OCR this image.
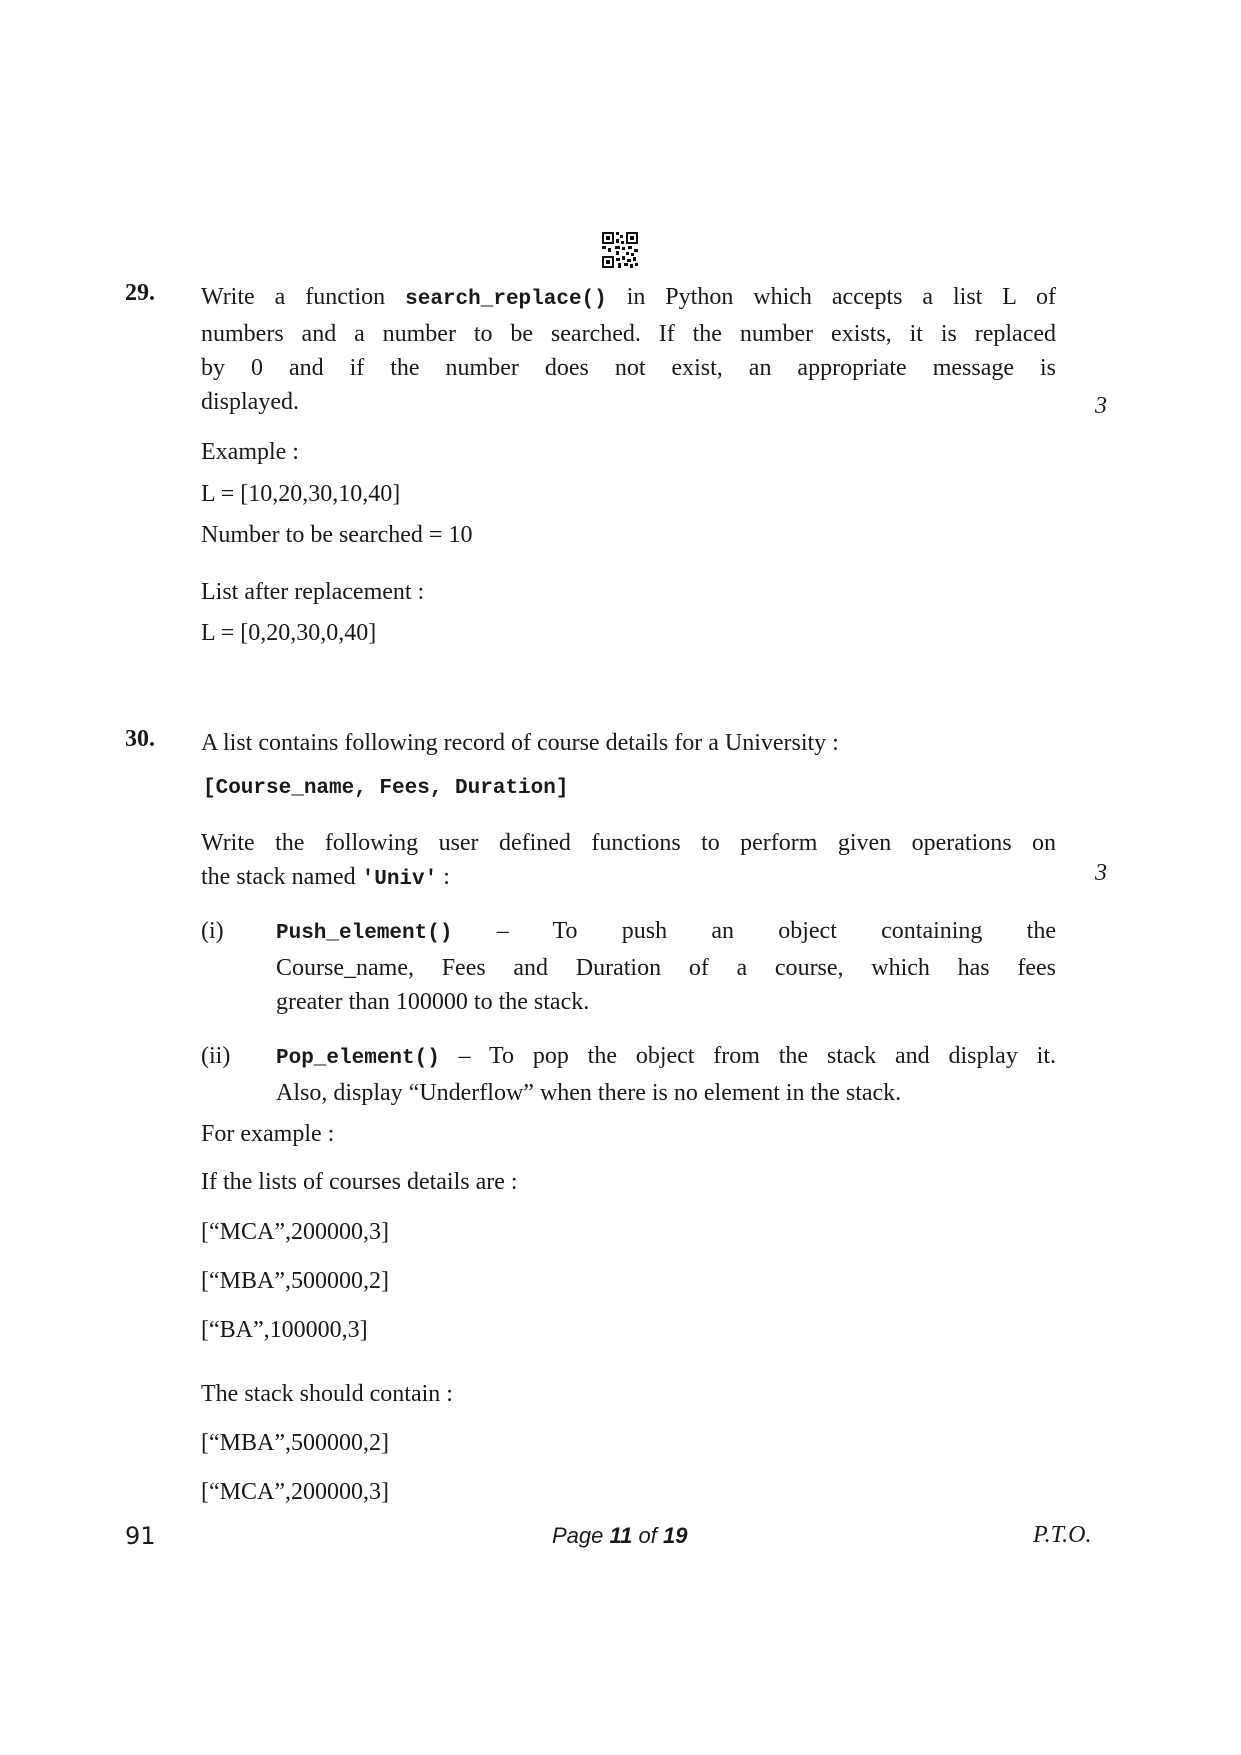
29. Write a function search_replace() in Python which accepts a list L of
numbers and a number to be searched. If the number exists, it is replaced
by 0 and if the number does not exist, an appropriate message is
displayed.	3
Example :
L = [10,20,30,10,40]
Number to be searched = 10
List after replacement :
L = [0,20,30,0,40]
30. A list contains following record of course details for a University :
[Course_name, Fees, Duration]
Write the following user defined functions to perform given operations on
the stack named 'Univ' :	3
(i) Push_element() – To push an object containing the
Course_name, Fees and Duration of a course, which has fees
greater than 100000 to the stack.
(ii) Pop_element() – To pop the object from the stack and display it.
Also, display “Underflow” when there is no element in the stack.
For example :
If the lists of courses details are :
[“MCA”,200000,3]
[“MBA”,500000,2]
[“BA”,100000,3]
The stack should contain :
[“MBA”,500000,2]
[“MCA”,200000,3]
91	Page 11 of 19	P.T.O.
